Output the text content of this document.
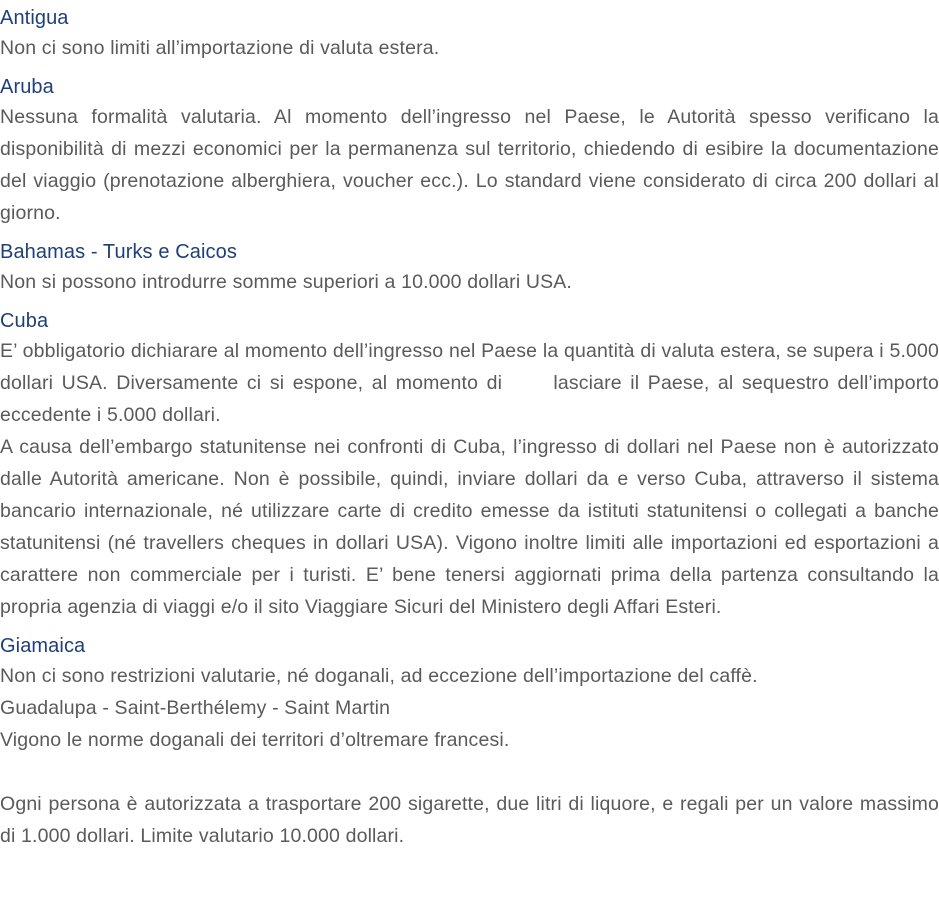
Antigua

Non ci sono limiti all’importazione di valuta estera.

Aruba

Nessuna formalità valutaria. Al momento dell’ingresso nel Paese, le Autorità spesso verificano la disponibilità di mezzi economici per la permanenza sul territorio, chiedendo di esibire la documentazione del viaggio (prenotazione alberghiera, voucher ecc.). Lo standard viene considerato di circa 200 dollari al giorno.

Bahamas - Turks e Caicos

Non si possono introdurre somme superiori a 10.000 dollari USA.

Cuba

E’ obbligatorio dichiarare al momento dell’ingresso nel Paese la quantità di valuta estera, se supera i 5.000 dollari USA. Diversamente ci si espone, al momento di      lasciare il Paese, al sequestro dell’importo eccedente i 5.000 dollari.

A causa dell’embargo statunitense nei confronti di Cuba, l’ingresso di dollari nel Paese non è autorizzato dalle Autorità americane. Non è possibile, quindi, inviare dollari da e verso Cuba, attraverso il sistema bancario internazionale, né utilizzare carte di credito emesse da istituti statunitensi o collegati a banche statunitensi (né travellers cheques in dollari USA). Vigono inoltre limiti alle importazioni ed esportazioni a carattere non commerciale per i turisti. E’ bene tenersi aggiornati prima della partenza consultando la propria agenzia di viaggi e/o il sito Viaggiare Sicuri del Ministero degli Affari Esteri.

Giamaica

Non ci sono restrizioni valutarie, né doganali, ad eccezione dell’importazione del caffè.

Guadalupa - Saint-Berthélemy - Saint Martin

Vigono le norme doganali dei territori d’oltremare francesi.

Ogni persona è autorizzata a trasportare 200 sigarette, due litri di liquore, e regali per un valore massimo di 1.000 dollari. Limite valutario 10.000 dollari.
